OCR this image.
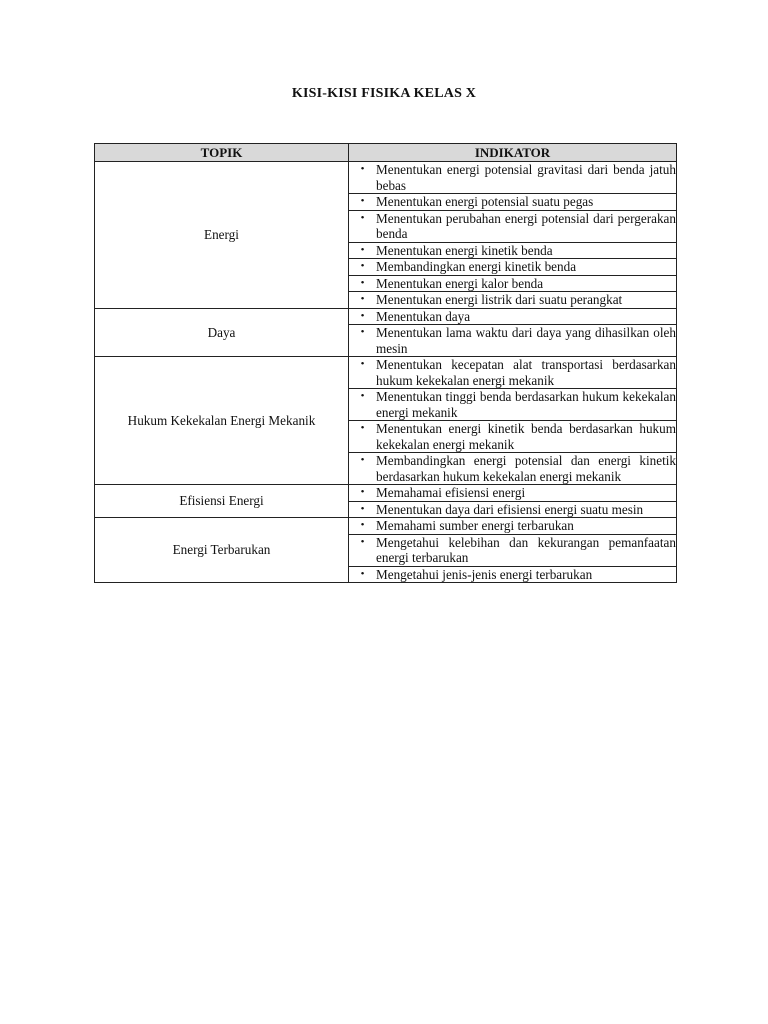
KISI-KISI FISIKA KELAS X
TOPIK	INDIKATOR
Energi	• Menentukan energi potensial gravitasi dari benda jatuh bebas

	• Menentukan energi potensial suatu pegas

	• Menentukan perubahan energi potensial dari pergerakan benda

	• Menentukan energi kinetik benda

	• Membandingkan energi kinetik benda

	• Menentukan energi kalor benda

	• Menentukan energi listrik dari suatu perangkat

Daya	• Menentukan daya

	• Menentukan lama waktu dari daya yang dihasilkan oleh mesin

Hukum Kekekalan Energi Mekanik	• Menentukan kecepatan alat transportasi berdasarkan hukum kekekalan energi mekanik

	• Menentukan tinggi benda berdasarkan hukum kekekalan energi mekanik

	• Menentukan energi kinetik benda berdasarkan hukum kekekalan energi mekanik

	• Membandingkan energi potensial dan energi kinetik berdasarkan hukum kekekalan energi mekanik

Efisiensi Energi	• Memahamai efisiensi energi

	• Menentukan daya dari efisiensi energi suatu mesin

Energi Terbarukan	• Memahami sumber energi terbarukan

	• Mengetahui kelebihan dan kekurangan pemanfaatan energi terbarukan

	• Mengetahui jenis-jenis energi terbarukan
